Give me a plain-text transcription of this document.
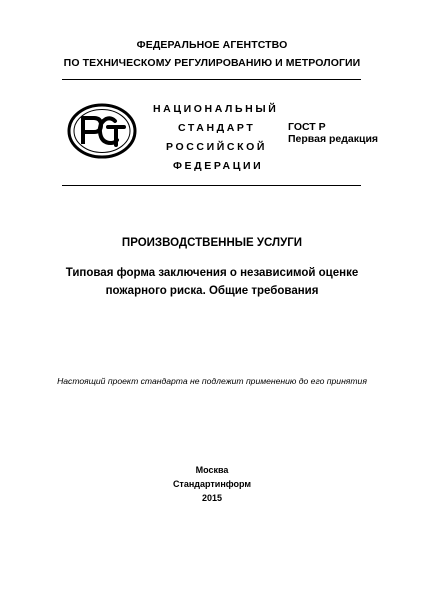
ФЕДЕРАЛЬНОЕ АГЕНТСТВО
ПО ТЕХНИЧЕСКОМУ РЕГУЛИРОВАНИЮ И МЕТРОЛОГИИ
НАЦИОНАЛЬНЫЙ
СТАНДАРТ
РОССИЙСКОЙ
ФЕДЕРАЦИИ
ГОСТ Р
Первая редакция
ПРОИЗВОДСТВЕННЫЕ УСЛУГИ
Типовая форма заключения о независимой оценке
пожарного риска. Общие требования
Настоящий проект стандарта не подлежит применению до его принятия
Москва
Стандартинформ
2015
